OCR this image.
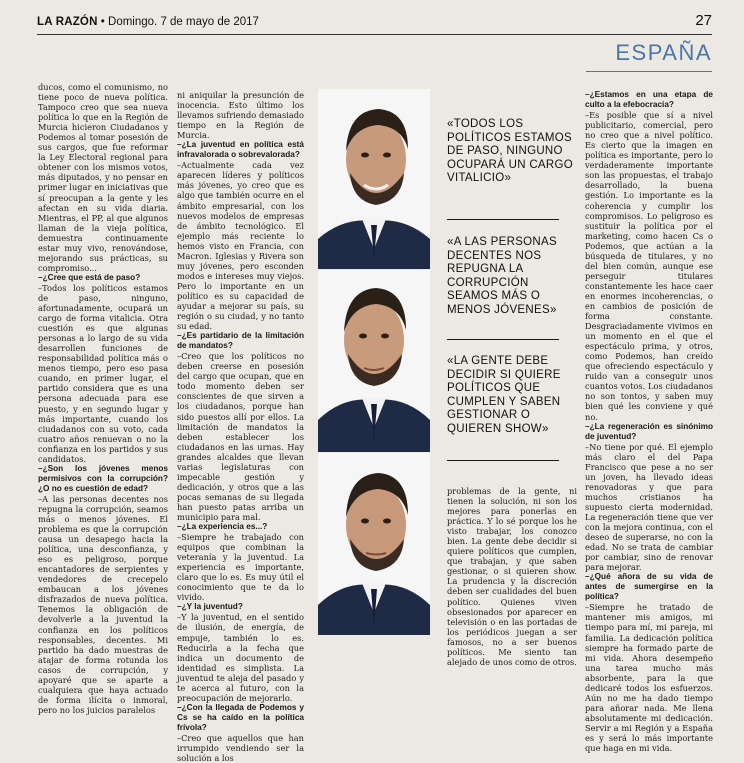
LA RAZÓN • Domingo. 7 de mayo de 2017	27
ESPAÑA

ducos, como el comunismo, no tiene poco de nueva política. Tampoco creo que sea nueva política lo que en la Región de Murcia hicieron Ciudadanos y Podemos al tomar posesión de sus cargos, que fue reformar la Ley Electoral regional para obtener con los mismos votos, más diputados, y no pensar en primer lugar en iniciativas que sí preocupan a la gente y les afectan en su vida diaria. Mientras, el PP, al que algunos llaman de la vieja política, demuestra continuamente estar muy vivo, renovándose, mejorando sus prácticas, su compromiso...

–¿Cree que está de paso?

–Todos los políticos estamos de paso, ninguno, afortunadamente, ocupará un cargo de forma vitalicia. Otra cuestión es que algunas personas a lo largo de su vida desarrollen funciones de responsabilidad política más o menos tiempo, pero eso pasa cuando, en primer lugar, el partido considera que es una persona adecuada para ese puesto, y en segundo lugar y más importante, cuando los ciudadanos con su voto, cada cuatro años renuevan o no la confianza en los partidos y sus candidatos.

–¿Son los jóvenes menos permisivos con la corrupción? ¿O no es cuestión de edad?

–A las personas decentes nos repugna la corrupción, seamos más o menos jóvenes. El problema es que la corrupción causa un desapego hacia la política, una desconfianza, y eso es peligroso, porque encantadores de serpientes y vendedores de crecepelo embaucan a los jóvenes disfrazados de nueva política. Tenemos la obligación de devolverle a la juventud la confianza en los políticos responsables, decentes. Mi partido ha dado muestras de atajar de forma rotunda los casos de corrupción, y apoyaré que se aparte a cualquiera que haya actuado de forma ilícita o inmoral, pero no los juicios paralelos

ni aniquilar la presunción de inocencia. Esto último los llevamos sufriendo demasiado tiempo en la Región de Murcia.

–¿La juventud en política está infravalorada o sobrevalorada?

–Actualmente cada vez aparecen líderes y políticos más jóvenes, yo creo que es algo que también ocurre en el ámbito empresarial, con los nuevos modelos de empresas de ámbito tecnológico. El ejemplo más reciente lo hemos visto en Francia, con Macron. Iglesias y Rivera son muy jóvenes, pero esconden modos e intereses muy viejos. Pero lo importante en un político es su capacidad de ayudar a mejorar su país, su región o su ciudad, y no tanto su edad.

–¿Es partidario de la limitación de mandatos?

–Creo que los políticos no deben creerse en posesión del cargo que ocupan, que en todo momento deben ser conscientes de que sirven a los ciudadanos, porque han sido puestos allí por ellos. La limitación de mandatos la deben establecer los ciudadanos en las urnas. Hay grandes alcaldes que llevan varias legislaturas con impecable gestión y dedicación, y otros que a las pocas semanas de su llegada han puesto patas arriba un municipio para mal.

–¿La experiencia es...?

–Siempre he trabajado con equipos que combinan la veteranía y la juventud. La experiencia es importante, claro que lo es. Es muy útil el conocimiento que te da lo vivido.

–¿Y la juventud?

–Y la juventud, en el sentido de ilusión, de energía, de empuje, también lo es. Reducirla a la fecha que indica un documento de identidad es simplista. La juventud te aleja del pasado y te acerca al futuro, con la preocupación de mejorarlo.

–¿Con la llegada de Podemos y Cs se ha caído en la política frívola?

–Creo que aquellos que han irrumpido vendiendo ser la solución a los

«TODOS LOS POLÍTICOS ESTAMOS DE PASO, NINGUNO OCUPARÁ UN CARGO VITALICIO»
«A LAS PERSONAS DECENTES NOS REPUGNA LA CORRUPCIÓN SEAMOS MÁS O MENOS JÓVENES»
«LA GENTE DEBE DECIDIR SI QUIERE POLÍTICOS QUE CUMPLEN Y SABEN GESTIONAR O QUIEREN SHOW»

problemas de la gente, ni tienen la solución, ni son los mejores para ponerlas en práctica. Y lo sé porque los he visto trabajar, los conozco bien. La gente debe decidir si quiere políticos que cumplen, que trabajan, y que saben gestionar, o si quieren show. La prudencia y la discreción deben ser cualidades del buen político. Quienes viven obsesionados por aparecer en televisión o en las portadas de los periódicos juegan a ser famosos, no a ser buenos políticos. Me siento tan alejado de unos como de otros.

–¿Estamos en una etapa de culto a la efebocracia?

–Es posible que sí a nivel publicitario, comercial, pero no creo que a nivel político. Es cierto que la imagen en política es importante, pero lo verdaderamente importante son las propuestas, el trabajo desarrollado, la buena gestión. Lo importante es la coherencia y cumplir los compromisos. Lo peligroso es sustituir la política por el marketing, como hacen Cs o Podemos, que actúan a la búsqueda de titulares, y no del bien común, aunque ese perseguir titulares constantemente les hace caer en enormes incoherencias, o en cambios de posición de forma constante. Desgraciadamente vivimos en un momento en el que el espectáculo prima, y otros, como Podemos, han creído que ofreciendo espectáculo y ruido van a conseguir unos cuantos votos. Los ciudadanos no son tontos, y saben muy bien qué les conviene y qué no.

–¿La regeneración es sinónimo de juventud?

–No tiene por qué. El ejemplo más claro el del Papa Francisco que pese a no ser un joven, ha llevado ideas renovadoras y que para muchos cristianos ha supuesto cierta modernidad. La regeneración tiene que ver con la mejora continua, con el deseo de superarse, no con la edad. No se trata de cambiar por cambiar, sino de renovar para mejorar.

–¿Qué añora de su vida de antes de sumergirse en la política?

–Siempre he tratado de mantener mis amigos, mi tiempo para mí, mi pareja, mi familia. La dedicación política siempre ha formado parte de mi vida. Ahora desempeño una tarea mucho más absorbente, para la que dedicaré todos los esfuerzos. Aún no me ha dado tiempo para añorar nada. Me llena absolutamente mi dedicación. Servir a mi Región y a España es y será lo más importante que haga en mi vida.
